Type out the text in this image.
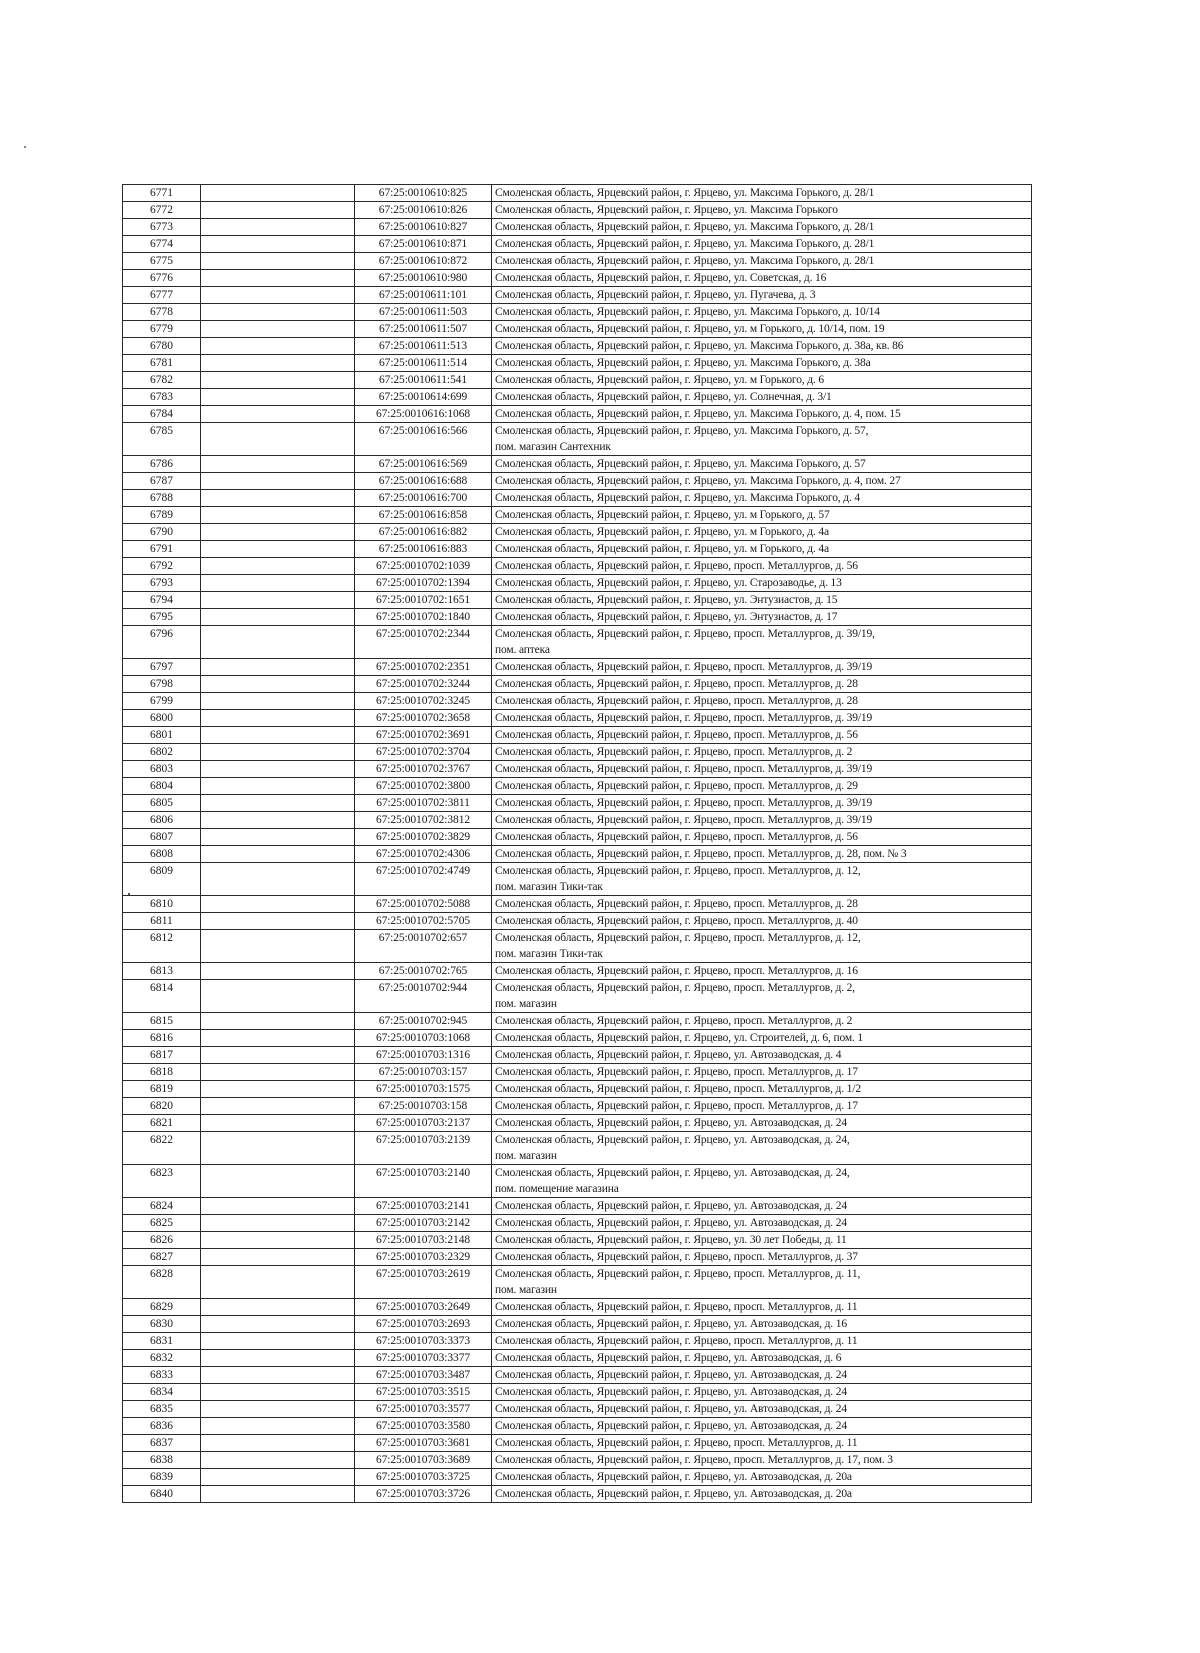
6771		67:25:0010610:825	Смоленская область, Ярцевский район, г. Ярцево, ул. Максима Горького, д. 28/1

6772		67:25:0010610:826	Смоленская область, Ярцевский район, г. Ярцево, ул. Максима Горького

6773		67:25:0010610:827	Смоленская область, Ярцевский район, г. Ярцево, ул. Максима Горького, д. 28/1

6774		67:25:0010610:871	Смоленская область, Ярцевский район, г. Ярцево, ул. Максима Горького, д. 28/1

6775		67:25:0010610:872	Смоленская область, Ярцевский район, г. Ярцево, ул. Максима Горького, д. 28/1

6776		67:25:0010610:980	Смоленская область, Ярцевский район, г. Ярцево, ул. Советская, д. 16

6777		67:25:0010611:101	Смоленская область, Ярцевский район, г. Ярцево, ул. Пугачева, д. 3

6778		67:25:0010611:503	Смоленская область, Ярцевский район, г. Ярцево, ул. Максима Горького, д. 10/14

6779		67:25:0010611:507	Смоленская область, Ярцевский район, г. Ярцево, ул. м Горького, д. 10/14, пом. 19

6780		67:25:0010611:513	Смоленская область, Ярцевский район, г. Ярцево, ул. Максима Горького, д. 38а, кв. 86

6781		67:25:0010611:514	Смоленская область, Ярцевский район, г. Ярцево, ул. Максима Горького, д. 38а

6782		67:25:0010611:541	Смоленская область, Ярцевский район, г. Ярцево, ул. м Горького, д. 6

6783		67:25:0010614:699	Смоленская область, Ярцевский район, г. Ярцево, ул. Солнечная, д. 3/1

6784		67:25:0010616:1068	Смоленская область, Ярцевский район, г. Ярцево, ул. Максима Горького, д. 4, пом. 15

6785		67:25:0010616:566	Смоленская область, Ярцевский район, г. Ярцево, ул. Максима Горького, д. 57,
пом. магазин Сантехник

6786		67:25:0010616:569	Смоленская область, Ярцевский район, г. Ярцево, ул. Максима Горького, д. 57

6787		67:25:0010616:688	Смоленская область, Ярцевский район, г. Ярцево, ул. Максима Горького, д. 4, пом. 27

6788		67:25:0010616:700	Смоленская область, Ярцевский район, г. Ярцево, ул. Максима Горького, д. 4

6789		67:25:0010616:858	Смоленская область, Ярцевский район, г. Ярцево, ул. м Горького, д. 57

6790		67:25:0010616:882	Смоленская область, Ярцевский район, г. Ярцево, ул. м Горького, д. 4а

6791		67:25:0010616:883	Смоленская область, Ярцевский район, г. Ярцево, ул. м Горького, д. 4а

6792		67:25:0010702:1039	Смоленская область, Ярцевский район, г. Ярцево, просп. Металлургов, д. 56

6793		67:25:0010702:1394	Смоленская область, Ярцевский район, г. Ярцево, ул. Старозаводье, д. 13

6794		67:25:0010702:1651	Смоленская область, Ярцевский район, г. Ярцево, ул. Энтузиастов, д. 15

6795		67:25:0010702:1840	Смоленская область, Ярцевский район, г. Ярцево, ул. Энтузиастов, д. 17

6796		67:25:0010702:2344	Смоленская область, Ярцевский район, г. Ярцево, просп. Металлургов, д. 39/19,
пом. аптека

6797		67:25:0010702:2351	Смоленская область, Ярцевский район, г. Ярцево, просп. Металлургов, д. 39/19

6798		67:25:0010702:3244	Смоленская область, Ярцевский район, г. Ярцево, просп. Металлургов, д. 28

6799		67:25:0010702:3245	Смоленская область, Ярцевский район, г. Ярцево, просп. Металлургов, д. 28

6800		67:25:0010702:3658	Смоленская область, Ярцевский район, г. Ярцево, просп. Металлургов, д. 39/19

6801		67:25:0010702:3691	Смоленская область, Ярцевский район, г. Ярцево, просп. Металлургов, д. 56

6802		67:25:0010702:3704	Смоленская область, Ярцевский район, г. Ярцево, просп. Металлургов, д. 2

6803		67:25:0010702:3767	Смоленская область, Ярцевский район, г. Ярцево, просп. Металлургов, д. 39/19

6804		67:25:0010702:3800	Смоленская область, Ярцевский район, г. Ярцево, просп. Металлургов, д. 29

6805		67:25:0010702:3811	Смоленская область, Ярцевский район, г. Ярцево, просп. Металлургов, д. 39/19

6806		67:25:0010702:3812	Смоленская область, Ярцевский район, г. Ярцево, просп. Металлургов, д. 39/19

6807		67:25:0010702:3829	Смоленская область, Ярцевский район, г. Ярцево, просп. Металлургов, д. 56

6808		67:25:0010702:4306	Смоленская область, Ярцевский район, г. Ярцево, просп. Металлургов, д. 28, пом. № 3

6809		67:25:0010702:4749	Смоленская область, Ярцевский район, г. Ярцево, просп. Металлургов, д. 12,
пом. магазин Тики-так

6810		67:25:0010702:5088	Смоленская область, Ярцевский район, г. Ярцево, просп. Металлургов, д. 28

6811		67:25:0010702:5705	Смоленская область, Ярцевский район, г. Ярцево, просп. Металлургов, д. 40

6812		67:25:0010702:657	Смоленская область, Ярцевский район, г. Ярцево, просп. Металлургов, д. 12,
пом. магазин Тики-так

6813		67:25:0010702:765	Смоленская область, Ярцевский район, г. Ярцево, просп. Металлургов, д. 16

6814		67:25:0010702:944	Смоленская область, Ярцевский район, г. Ярцево, просп. Металлургов, д. 2,
пом. магазин

6815		67:25:0010702:945	Смоленская область, Ярцевский район, г. Ярцево, просп. Металлургов, д. 2

6816		67:25:0010703:1068	Смоленская область, Ярцевский район, г. Ярцево, ул. Строителей, д. 6, пом. 1

6817		67:25:0010703:1316	Смоленская область, Ярцевский район, г. Ярцево, ул. Автозаводская, д. 4

6818		67:25:0010703:157	Смоленская область, Ярцевский район, г. Ярцево, просп. Металлургов, д. 17

6819		67:25:0010703:1575	Смоленская область, Ярцевский район, г. Ярцево, просп. Металлургов, д. 1/2

6820		67:25:0010703:158	Смоленская область, Ярцевский район, г. Ярцево, просп. Металлургов, д. 17

6821		67:25:0010703:2137	Смоленская область, Ярцевский район, г. Ярцево, ул. Автозаводская, д. 24

6822		67:25:0010703:2139	Смоленская область, Ярцевский район, г. Ярцево, ул. Автозаводская, д. 24,
пом. магазин

6823		67:25:0010703:2140	Смоленская область, Ярцевский район, г. Ярцево, ул. Автозаводская, д. 24,
пом. помещение магазина

6824		67:25:0010703:2141	Смоленская область, Ярцевский район, г. Ярцево, ул. Автозаводская, д. 24

6825		67:25:0010703:2142	Смоленская область, Ярцевский район, г. Ярцево, ул. Автозаводская, д. 24

6826		67:25:0010703:2148	Смоленская область, Ярцевский район, г. Ярцево, ул. 30 лет Победы, д. 11

6827		67:25:0010703:2329	Смоленская область, Ярцевский район, г. Ярцево, просп. Металлургов, д. 37

6828		67:25:0010703:2619	Смоленская область, Ярцевский район, г. Ярцево, просп. Металлургов, д. 11,
пом. магазин

6829		67:25:0010703:2649	Смоленская область, Ярцевский район, г. Ярцево, просп. Металлургов, д. 11

6830		67:25:0010703:2693	Смоленская область, Ярцевский район, г. Ярцево, ул. Автозаводская, д. 16

6831		67:25:0010703:3373	Смоленская область, Ярцевский район, г. Ярцево, просп. Металлургов, д. 11

6832		67:25:0010703:3377	Смоленская область, Ярцевский район, г. Ярцево, ул. Автозаводская, д. 6

6833		67:25:0010703:3487	Смоленская область, Ярцевский район, г. Ярцево, ул. Автозаводская, д. 24

6834		67:25:0010703:3515	Смоленская область, Ярцевский район, г. Ярцево, ул. Автозаводская, д. 24

6835		67:25:0010703:3577	Смоленская область, Ярцевский район, г. Ярцево, ул. Автозаводская, д. 24

6836		67:25:0010703:3580	Смоленская область, Ярцевский район, г. Ярцево, ул. Автозаводская, д. 24

6837		67:25:0010703:3681	Смоленская область, Ярцевский район, г. Ярцево, просп. Металлургов, д. 11

6838		67:25:0010703:3689	Смоленская область, Ярцевский район, г. Ярцево, просп. Металлургов, д. 17, пом. 3

6839		67:25:0010703:3725	Смоленская область, Ярцевский район, г. Ярцево, ул. Автозаводская, д. 20а

6840		67:25:0010703:3726	Смоленская область, Ярцевский район, г. Ярцево, ул. Автозаводская, д. 20а
